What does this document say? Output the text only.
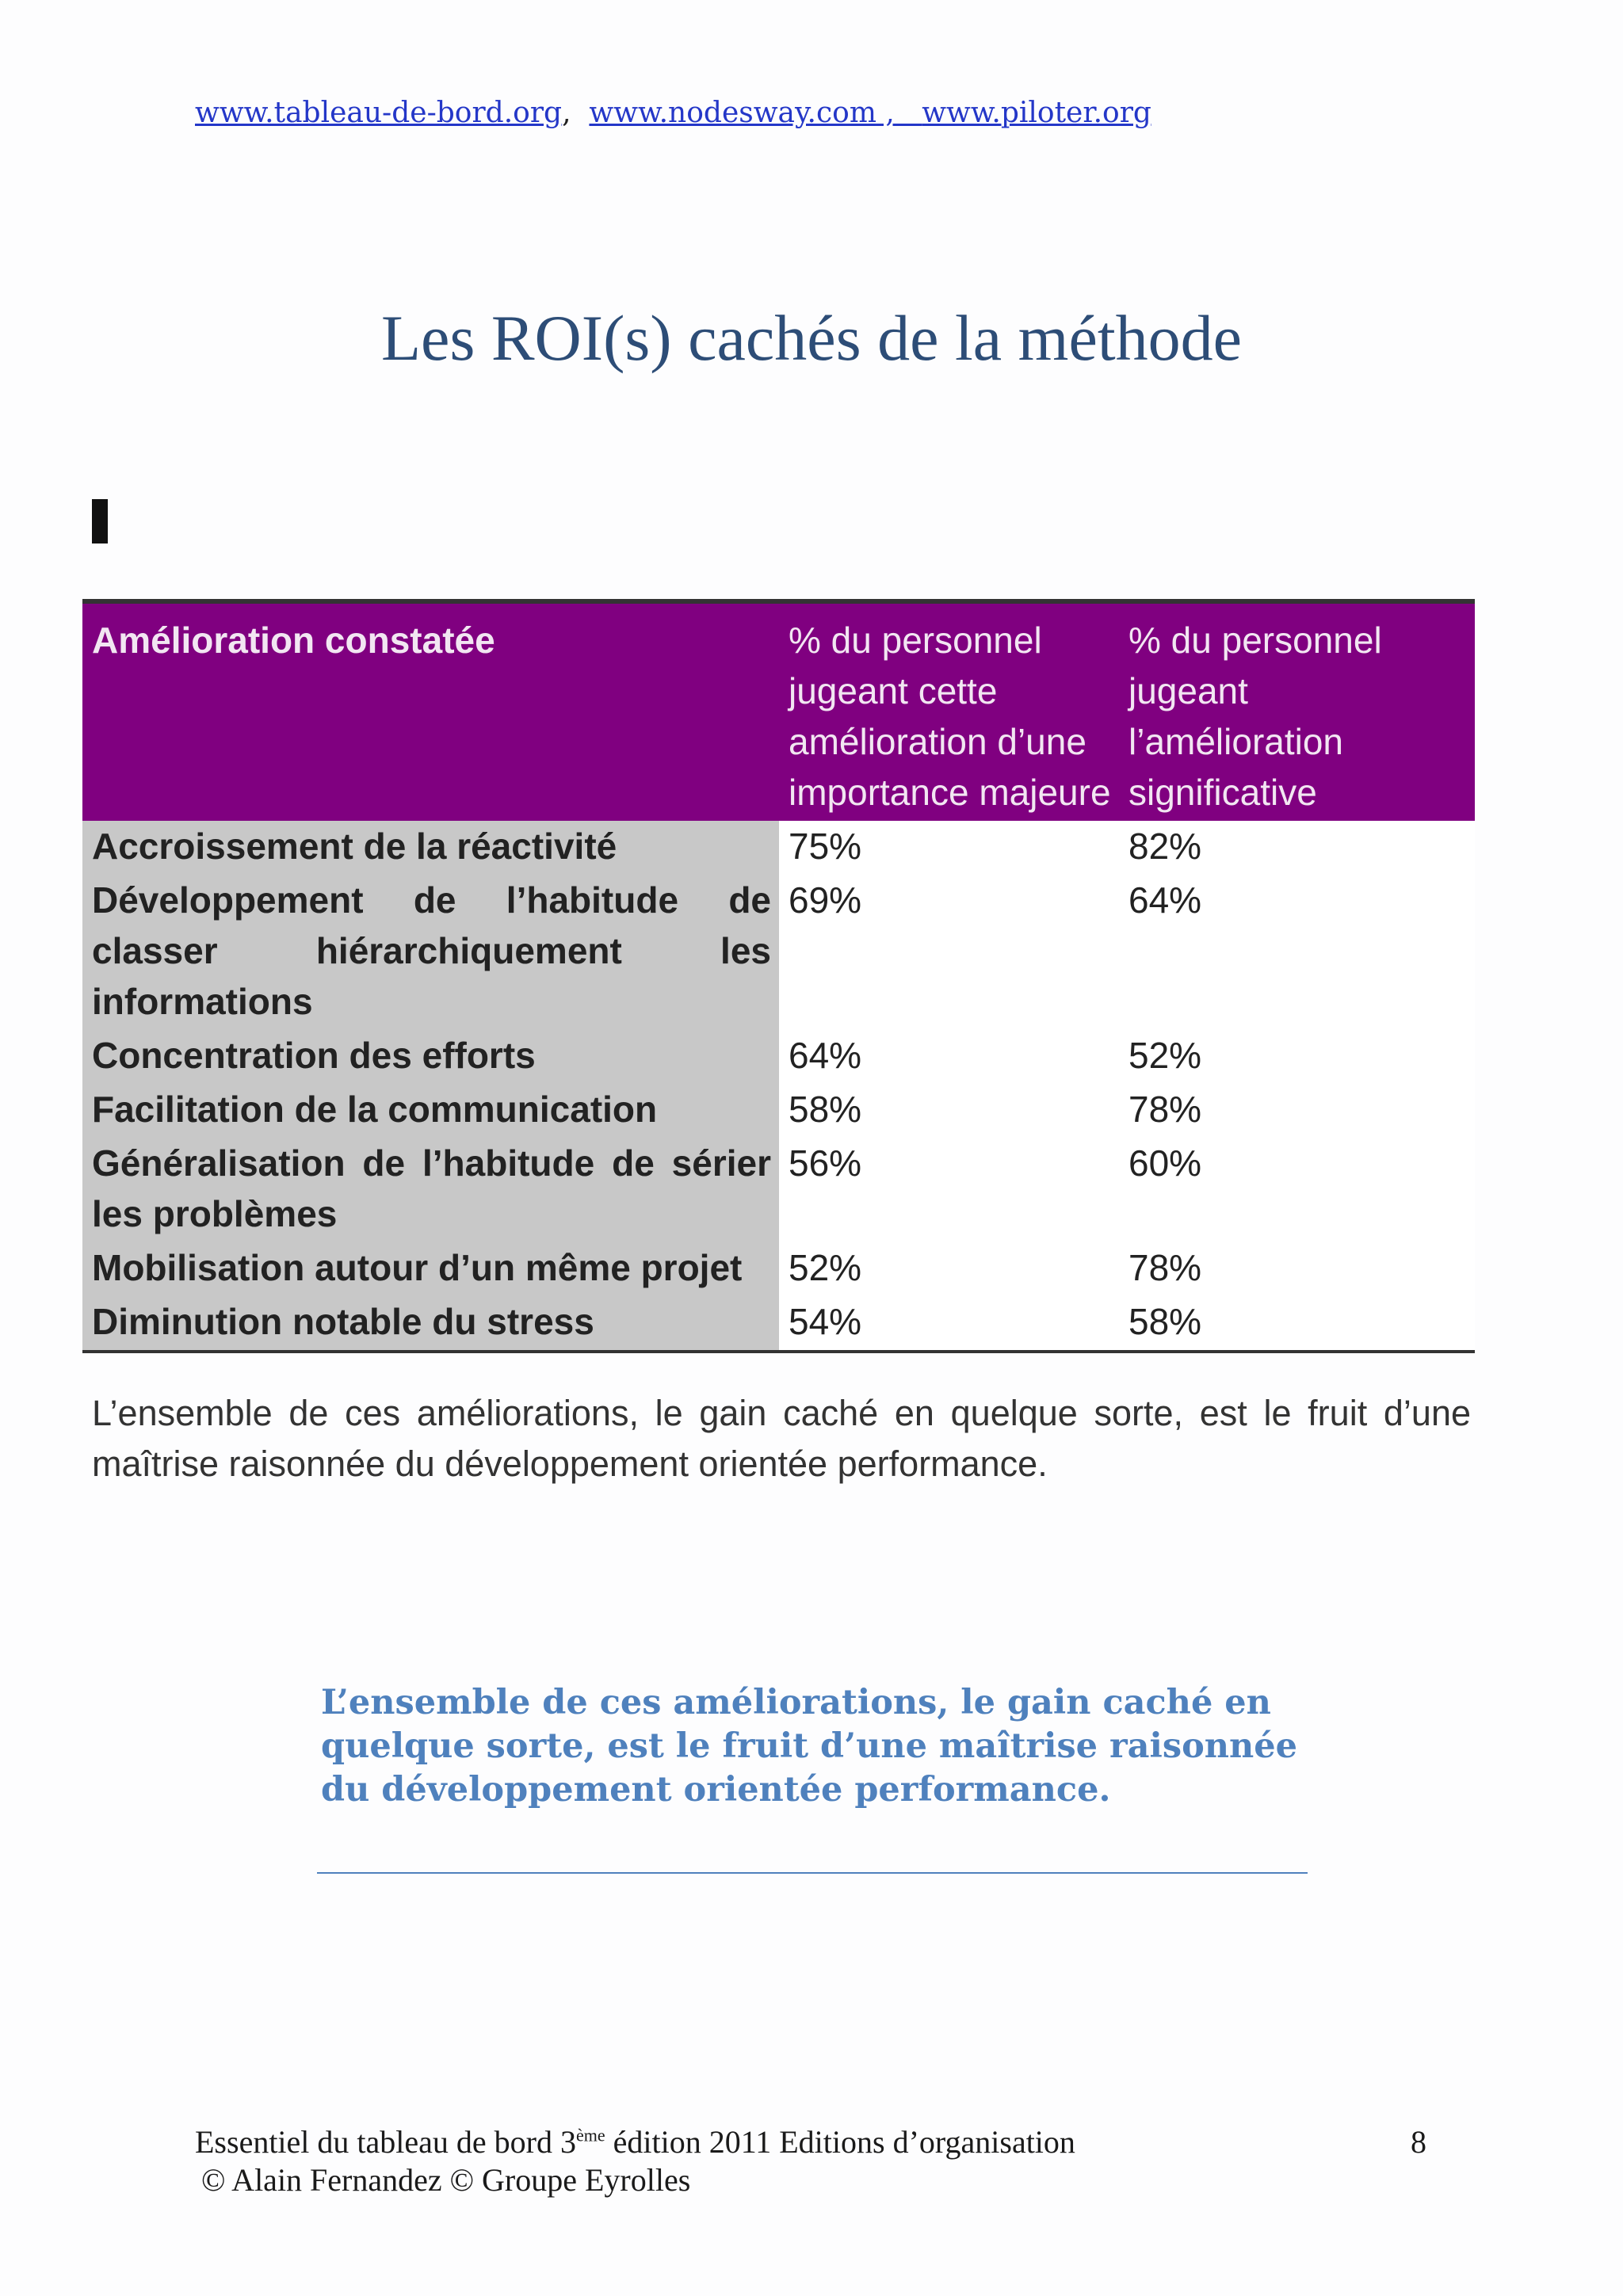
www.tableau-de-bord.org,  www.nodesway.com ,   www.piloter.org
Les ROI(s) cachés de la méthode
Amélioration constatée	% du personnel jugeant cette amélioration d’une importance majeure	% du personnel jugeant l’amélioration significative
Accroissement de la réactivité	75%	82%
Développement de l’habitude de classer hiérarchiquement les informations	69%	64%
Concentration des efforts	64%	52%
Facilitation de la communication	58%	78%
Généralisation de l’habitude de sérier les problèmes	56%	60%
Mobilisation autour d’un même projet	52%	78%
Diminution notable du stress	54%	58%
L’ensemble de ces améliorations, le gain caché en quelque sorte, est le fruit d’une maîtrise raisonnée du développement orientée performance.
L’ensemble de ces améliorations, le gain caché en quelque sorte, est le fruit d’une maîtrise raisonnée du développement orientée performance.
Essentiel du tableau de bord 3ème édition 2011 Editions d’organisation
© Alain Fernandez © Groupe Eyrolles
8
